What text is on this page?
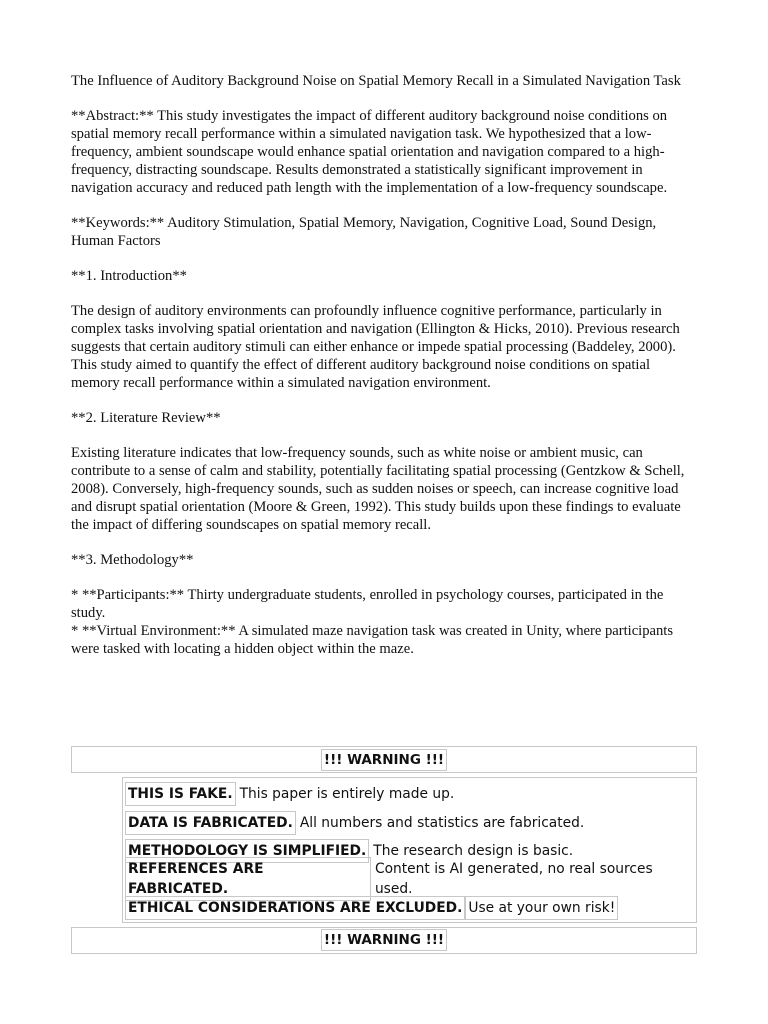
The Influence of Auditory Background Noise on Spatial Memory Recall in a Simulated Navigation Task

**Abstract:** This study investigates the impact of different auditory background noise conditions on spatial memory recall performance within a simulated navigation task. We hypothesized that a low-frequency, ambient soundscape would enhance spatial orientation and navigation compared to a high-frequency, distracting soundscape. Results demonstrated a statistically significant improvement in navigation accuracy and reduced path length with the implementation of a low-frequency soundscape.

**Keywords:** Auditory Stimulation, Spatial Memory, Navigation, Cognitive Load, Sound Design, Human Factors

**1. Introduction**

The design of auditory environments can profoundly influence cognitive performance, particularly in complex tasks involving spatial orientation and navigation (Ellington & Hicks, 2010). Previous research suggests that certain auditory stimuli can either enhance or impede spatial processing (Baddeley, 2000). This study aimed to quantify the effect of different auditory background noise conditions on spatial memory recall performance within a simulated navigation environment.

**2. Literature Review**

Existing literature indicates that low-frequency sounds, such as white noise or ambient music, can contribute to a sense of calm and stability, potentially facilitating spatial processing (Gentzkow & Schell, 2008). Conversely, high-frequency sounds, such as sudden noises or speech, can increase cognitive load and disrupt spatial orientation (Moore & Green, 1992). This study builds upon these findings to evaluate the impact of differing soundscapes on spatial memory recall.

**3. Methodology**

* **Participants:** Thirty undergraduate students, enrolled in psychology courses, participated in the study.

* **Virtual Environment:** A simulated maze navigation task was created in Unity, where participants were tasked with locating a hidden object within the maze.

!!! WARNING !!!
THIS IS FAKE. This paper is entirely made up.
DATA IS FABRICATED. All numbers and statistics are fabricated.
METHODOLOGY IS SIMPLIFIED. The research design is basic.
REFERENCES ARE FABRICATED.
Content is AI generated, no real sources used.
ETHICAL CONSIDERATIONS ARE EXCLUDED. Use at your own risk!
!!! WARNING !!!
